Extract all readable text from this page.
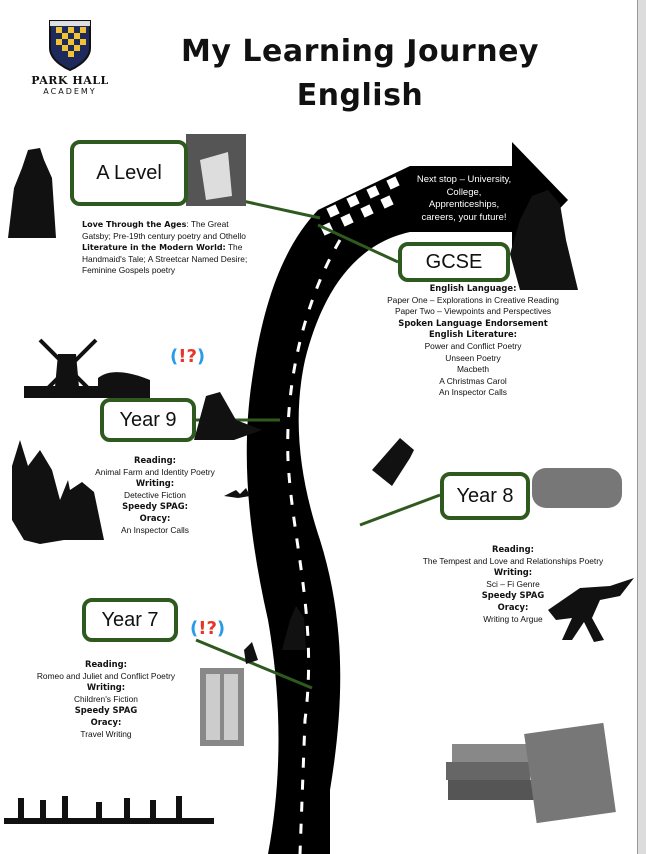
PARK HALL
ACADEMY
My Learning Journey
English
(!?)
(!?)
Next stop – University, College, Apprenticeships, careers, your future!
A Level
GCSE
Year 9
Year 8
Year 7
Love Through the Ages: The Great Gatsby; Pre-19th century poetry and Othello
Literature in the Modern World: The Handmaid's Tale; A Streetcar Named Desire; Feminine Gospels poetry
English Language:
Paper One – Explorations in Creative Reading
Paper Two – Viewpoints and Perspectives
Spoken Language Endorsement
English Literature:
Power and Conflict Poetry
Unseen Poetry
Macbeth
A Christmas Carol
An Inspector Calls
Reading:
Animal Farm and Identity Poetry
Writing:
Detective Fiction
Speedy SPAG:
Oracy:
An Inspector Calls
Reading:
The Tempest and Love and Relationships Poetry
Writing:
Sci – Fi Genre
Speedy SPAG
Oracy:
Writing to Argue
Reading:
Romeo and Juliet and Conflict Poetry
Writing:
Children's Fiction
Speedy SPAG
Oracy:
Travel Writing
